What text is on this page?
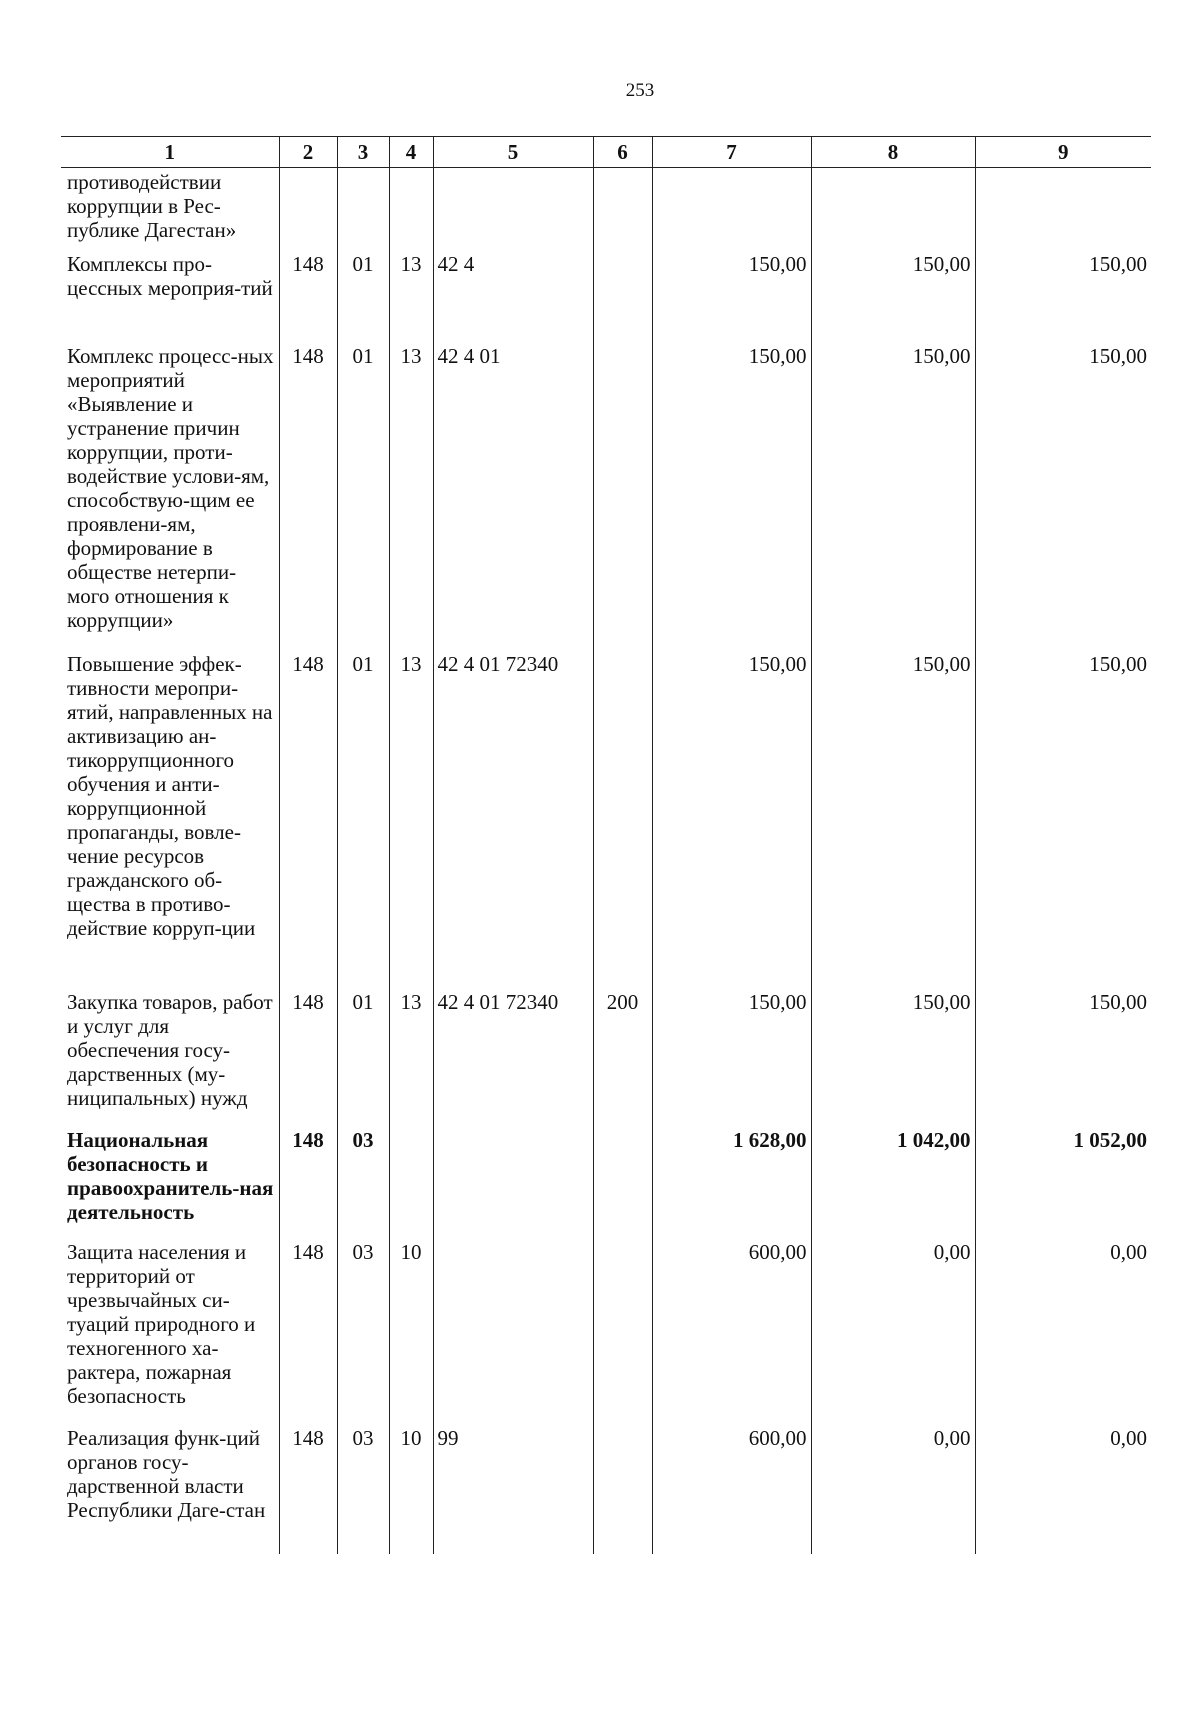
253
1	2	3	4	5	6	7	8	9
противодействии коррупции в Рес-публике Дагестан»								
Комплексы про-цессных мероприя-тий	148	01	13	42 4		150,00	150,00	150,00
Комплекс процесс-ных мероприятий «Выявление и устранение причин коррупции, проти-водействие услови-ям, способствую-щим ее проявлени-ям, формирование в обществе нетерпи-мого отношения к коррупции»	148	01	13	42 4 01		150,00	150,00	150,00
Повышение эффек-тивности меропри-ятий, направленных на активизацию ан-тикоррупционного обучения и анти-коррупционной пропаганды, вовле-чение ресурсов гражданского об-щества в противо-действие корруп-ции	148	01	13	42 4 01 72340		150,00	150,00	150,00
Закупка товаров, работ и услуг для обеспечения госу-дарственных (му-ниципальных) нужд	148	01	13	42 4 01 72340	200	150,00	150,00	150,00
Национальная безопасность и правоохранитель-ная деятельность	148	03				1 628,00	1 042,00	1 052,00
Защита населения и территорий от чрезвычайных си-туаций природного и техногенного ха-рактера, пожарная безопасность	148	03	10			600,00	0,00	0,00
Реализация функ-ций органов госу-дарственной власти Республики Даге-стан	148	03	10	99		600,00	0,00	0,00
